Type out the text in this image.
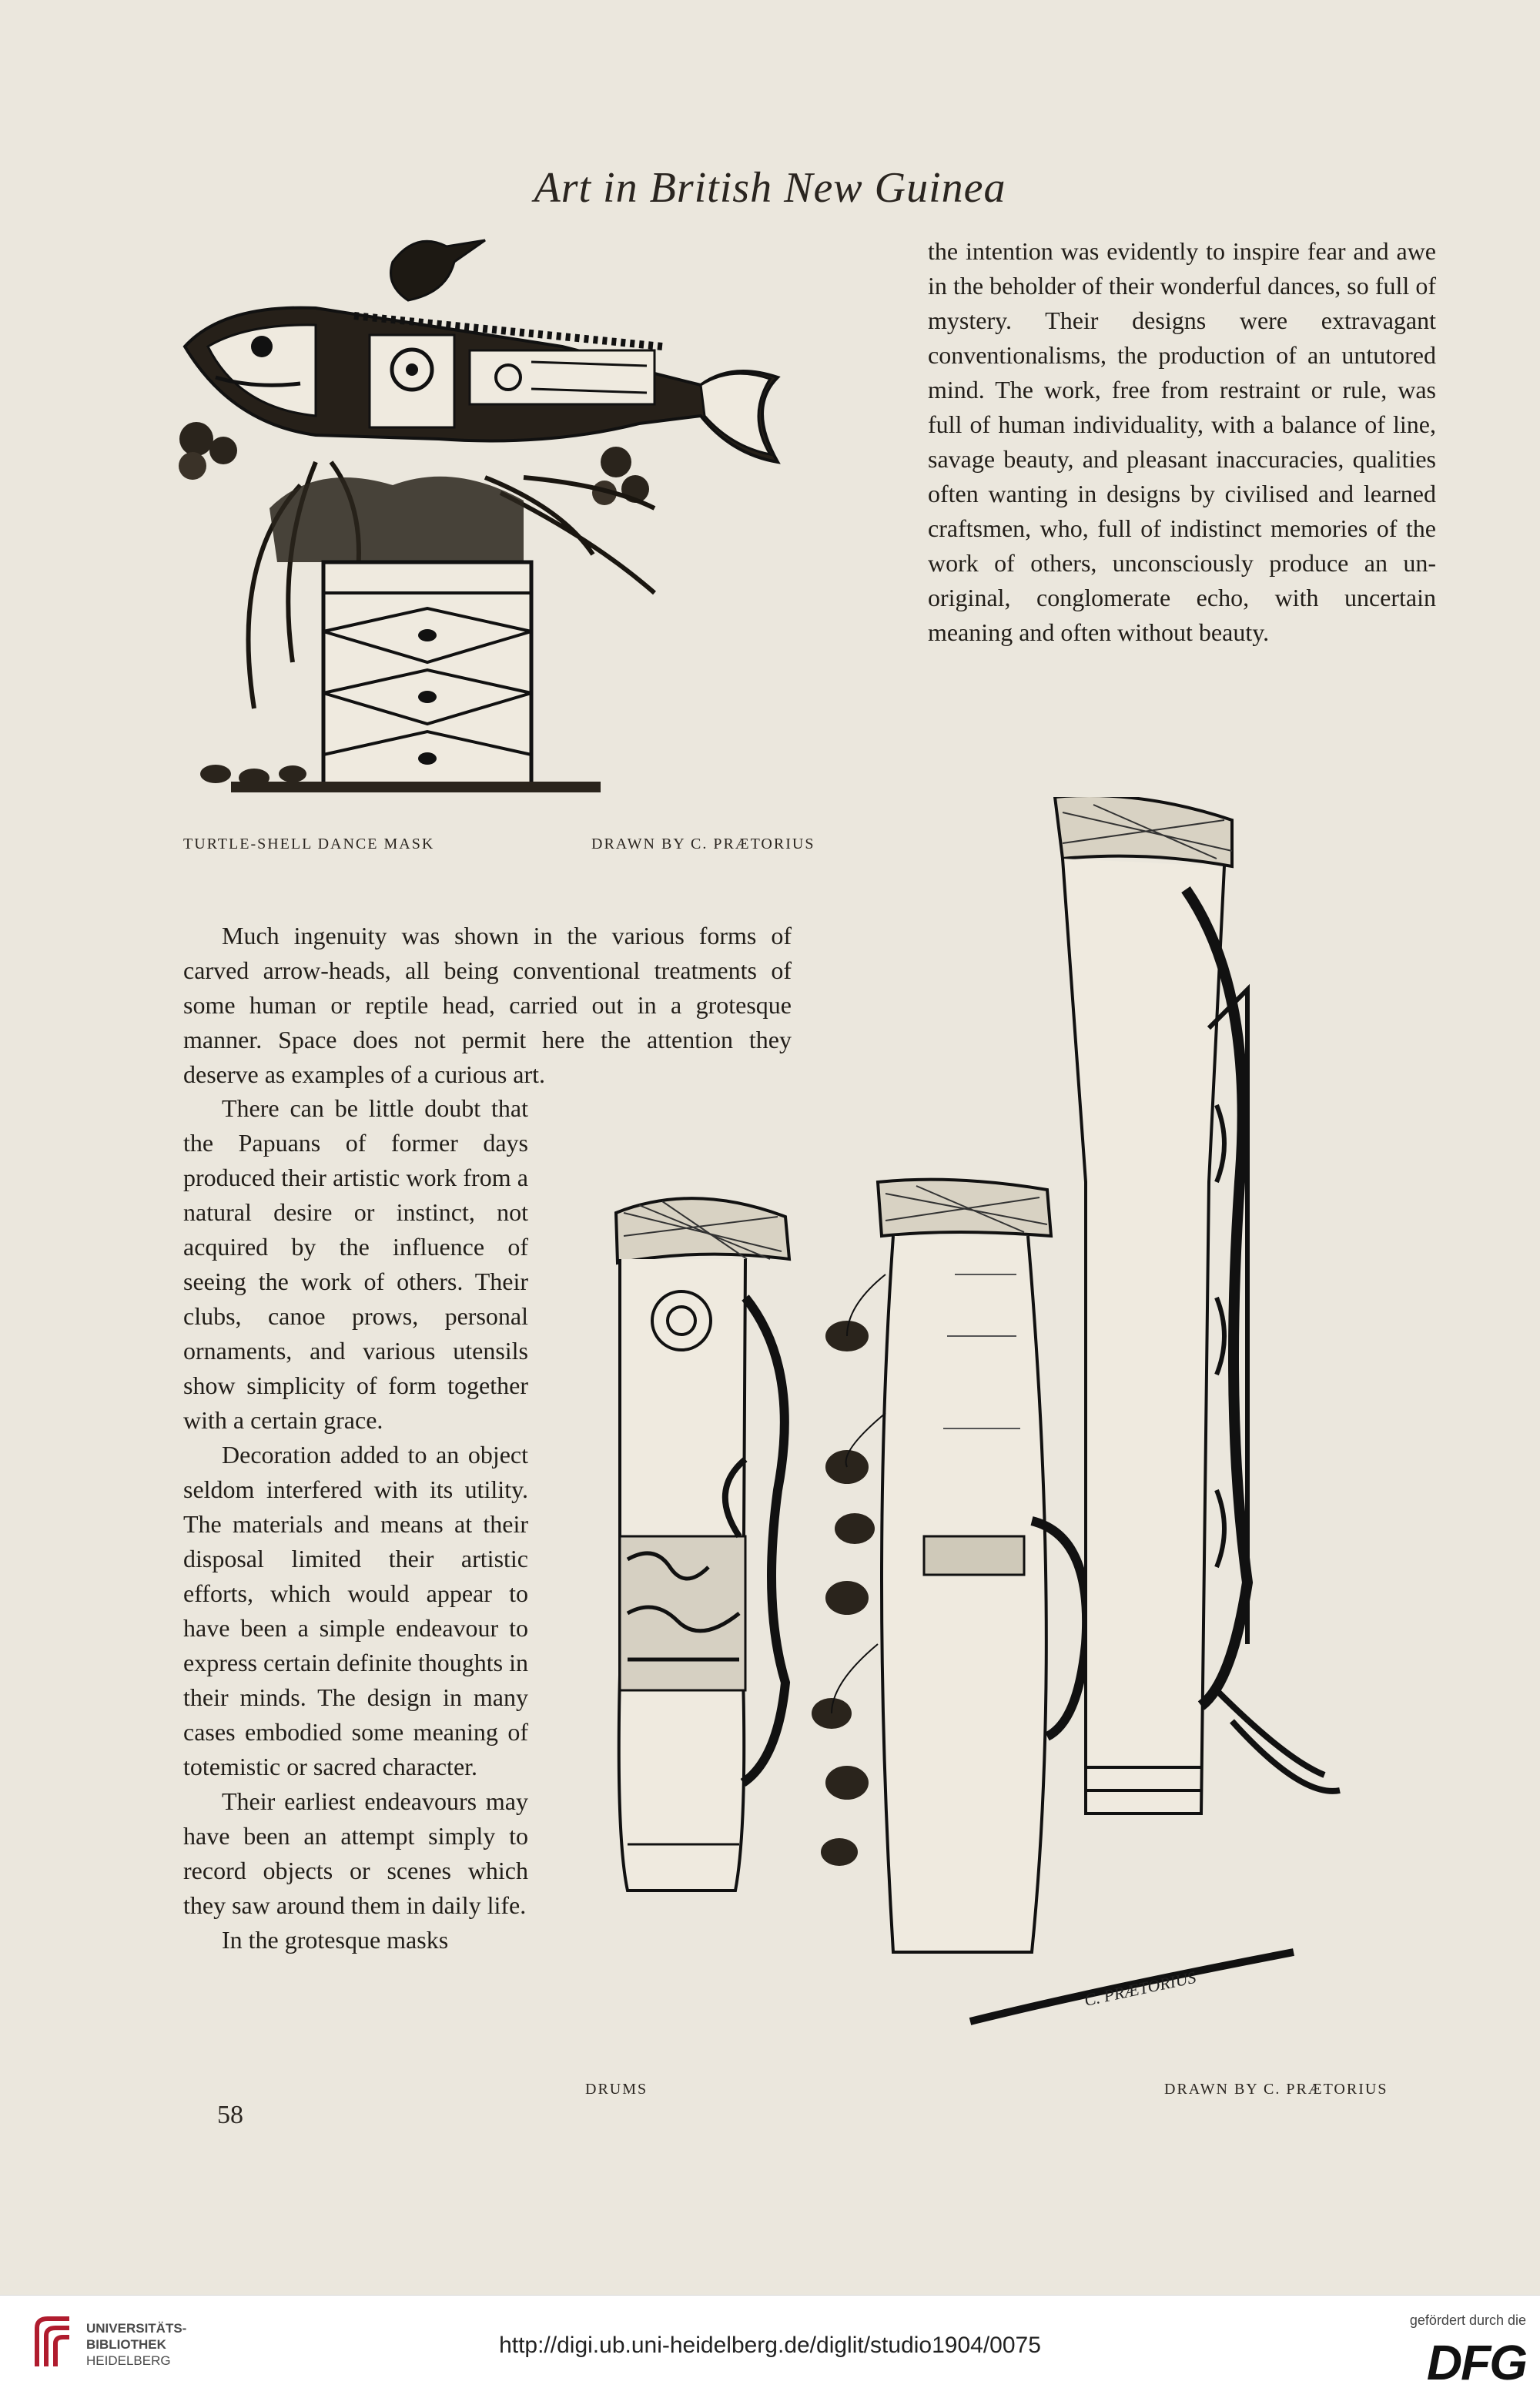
Art in British New Guinea

the intention was evidently to inspire fear and awe in the beholder of their wonderful dances, so full of mystery. Their designs were extravagant conventionalisms, the production of an untutored mind. The work, free from restraint or rule, was full of human individuality, with a balance of line, savage beauty, and pleasant inaccuracies, qualities often wanting in designs by civilised and learned craftsmen, who, full of indistinct memories of the work of others, unconsciously produce an un-original, conglomerate echo, with uncertain meaning and often without beauty.

TURTLE-SHELL DANCE MASK	DRAWN BY C. PRÆTORIUS

Much ingenuity was shown in the various forms of carved arrow-heads, all being conventional treatments of some human or reptile head, carried out in a grotesque manner. Space does not permit here the attention they deserve as examples of a curious art.

There can be little doubt that the Papuans of former days produced their artistic work from a natural desire or instinct, not acquired by the influence of seeing the work of others. Their clubs, canoe prows, personal ornaments, and various utensils show simplicity of form together with a certain grace.

Decoration added to an object seldom interfered with its utility. The materials and means at their disposal limited their artistic efforts, which would appear to have been a simple endeavour to express certain definite thoughts in their minds. The design in many cases embodied some meaning of totemistic or sacred character.

Their earliest endeavours may have been an attempt simply to record objects or scenes which they saw around them in daily life.

In the grotesque masks

C. PRÆTORIUS
DRUMS	DRAWN BY C. PRÆTORIUS
58
UNIVERSITÄTS-
BIBLIOTHEK
HEIDELBERG
http://digi.ub.uni-heidelberg.de/diglit/studio1904/0075
gefördert durch die
DFG
